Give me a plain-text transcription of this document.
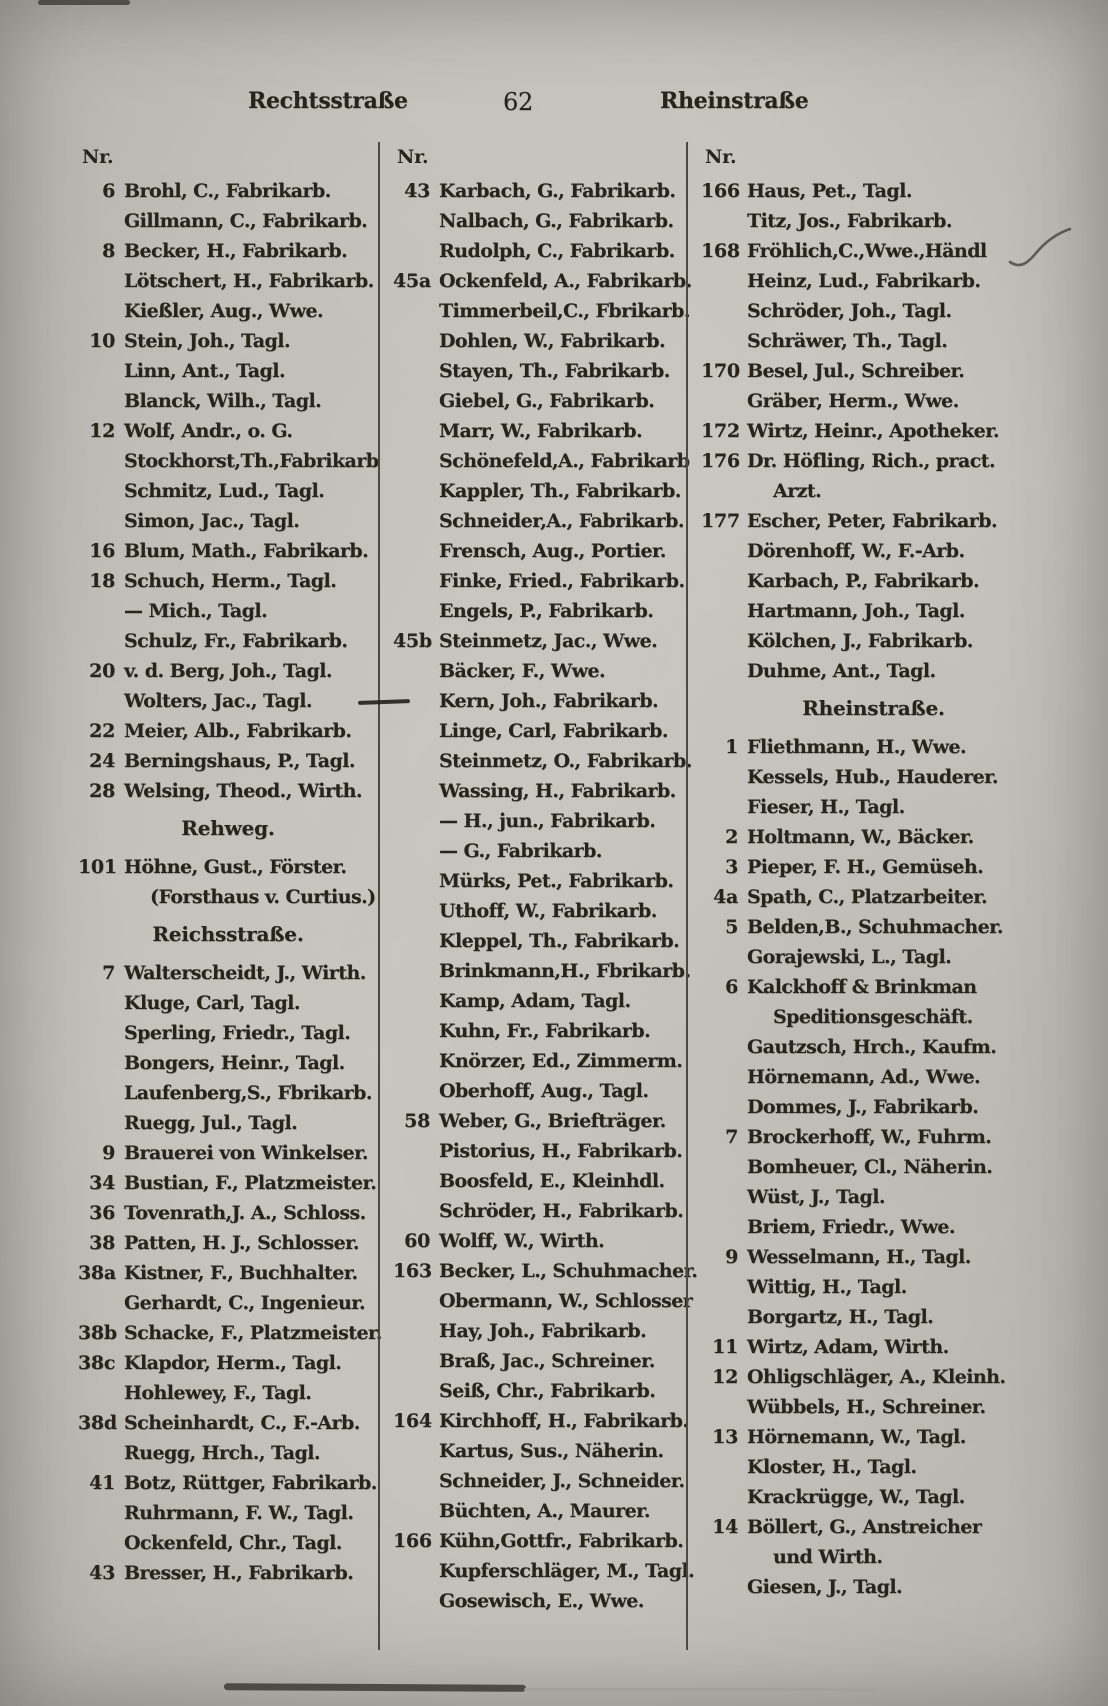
Rechtsstraße	62	Rheinstraße
Nr.
6 Brohl, C., Fabrikarb.
Gillmann, C., Fabrikarb.
8 Becker, H., Fabrikarb.
Lötschert, H., Fabrikarb.
Kießler, Aug., Wwe.
10 Stein, Joh., Tagl.
Linn, Ant., Tagl.
Blanck, Wilh., Tagl.
12 Wolf, Andr., o. G.
Stockhorst,Th.,Fabrikarb
Schmitz, Lud., Tagl.
Simon, Jac., Tagl.
16 Blum, Math., Fabrikarb.
18 Schuch, Herm., Tagl.
— Mich., Tagl.
Schulz, Fr., Fabrikarb.
20 v. d. Berg, Joh., Tagl.
Wolters, Jac., Tagl.
22 Meier, Alb., Fabrikarb.
24 Berningshaus, P., Tagl.
28 Welsing, Theod., Wirth.
Rehweg.
101 Höhne, Gust., Förster.
(Forsthaus v. Curtius.)
Reichsstraße.
7 Walterscheidt, J., Wirth.
Kluge, Carl, Tagl.
Sperling, Friedr., Tagl.
Bongers, Heinr., Tagl.
Laufenberg,S., Fbrikarb.
Ruegg, Jul., Tagl.
9 Brauerei von Winkelser.
34 Bustian, F., Platzmeister.
36 Tovenrath,J. A., Schloss.
38 Patten, H. J., Schlosser.
38a Kistner, F., Buchhalter.
Gerhardt, C., Ingenieur.
38b Schacke, F., Platzmeister.
38c Klapdor, Herm., Tagl.
Hohlewey, F., Tagl.
38d Scheinhardt, C., F.-Arb.
Ruegg, Hrch., Tagl.
41 Botz, Rüttger, Fabrikarb.
Ruhrmann, F. W., Tagl.
Ockenfeld, Chr., Tagl.
43 Bresser, H., Fabrikarb.
Nr.
43 Karbach, G., Fabrikarb.
Nalbach, G., Fabrikarb.
Rudolph, C., Fabrikarb.
45a Ockenfeld, A., Fabrikarb.
Timmerbeil,C., Fbrikarb.
Dohlen, W., Fabrikarb.
Stayen, Th., Fabrikarb.
Giebel, G., Fabrikarb.
Marr, W., Fabrikarb.
Schönefeld,A., Fabrikarb
Kappler, Th., Fabrikarb.
Schneider,A., Fabrikarb.
Frensch, Aug., Portier.
Finke, Fried., Fabrikarb.
Engels, P., Fabrikarb.
45b Steinmetz, Jac., Wwe.
Bäcker, F., Wwe.
Kern, Joh., Fabrikarb.
Linge, Carl, Fabrikarb.
Steinmetz, O., Fabrikarb.
Wassing, H., Fabrikarb.
— H., jun., Fabrikarb.
— G., Fabrikarb.
Mürks, Pet., Fabrikarb.
Uthoff, W., Fabrikarb.
Kleppel, Th., Fabrikarb.
Brinkmann,H., Fbrikarb.
Kamp, Adam, Tagl.
Kuhn, Fr., Fabrikarb.
Knörzer, Ed., Zimmerm.
Oberhoff, Aug., Tagl.
58 Weber, G., Briefträger.
Pistorius, H., Fabrikarb.
Boosfeld, E., Kleinhdl.
Schröder, H., Fabrikarb.
60 Wolff, W., Wirth.
163 Becker, L., Schuhmacher.
Obermann, W., Schlosser
Hay, Joh., Fabrikarb.
Braß, Jac., Schreiner.
Seiß, Chr., Fabrikarb.
164 Kirchhoff, H., Fabrikarb.
Kartus, Sus., Näherin.
Schneider, J., Schneider.
Büchten, A., Maurer.
166 Kühn,Gottfr., Fabrikarb.
Kupferschläger, M., Tagl.
Gosewisch, E., Wwe.
Nr.
166 Haus, Pet., Tagl.
Titz, Jos., Fabrikarb.
168 Fröhlich,C.,Wwe.,Händl
Heinz, Lud., Fabrikarb.
Schröder, Joh., Tagl.
Schräwer, Th., Tagl.
170 Besel, Jul., Schreiber.
Gräber, Herm., Wwe.
172 Wirtz, Heinr., Apotheker.
176 Dr. Höfling, Rich., pract.
Arzt.
177 Escher, Peter, Fabrikarb.
Dörenhoff, W., F.-Arb.
Karbach, P., Fabrikarb.
Hartmann, Joh., Tagl.
Kölchen, J., Fabrikarb.
Duhme, Ant., Tagl.
Rheinstraße.
1 Fliethmann, H., Wwe.
Kessels, Hub., Hauderer.
Fieser, H., Tagl.
2 Holtmann, W., Bäcker.
3 Pieper, F. H., Gemüseh.
4a Spath, C., Platzarbeiter.
5 Belden,B., Schuhmacher.
Gorajewski, L., Tagl.
6 Kalckhoff & Brinkman
Speditionsgeschäft.
Gautzsch, Hrch., Kaufm.
Hörnemann, Ad., Wwe.
Dommes, J., Fabrikarb.
7 Brockerhoff, W., Fuhrm.
Bomheuer, Cl., Näherin.
Wüst, J., Tagl.
Briem, Friedr., Wwe.
9 Wesselmann, H., Tagl.
Wittig, H., Tagl.
Borgartz, H., Tagl.
11 Wirtz, Adam, Wirth.
12 Ohligschläger, A., Kleinh.
Wübbels, H., Schreiner.
13 Hörnemann, W., Tagl.
Kloster, H., Tagl.
Krackrügge, W., Tagl.
14 Böllert, G., Anstreicher
und Wirth.
Giesen, J., Tagl.
